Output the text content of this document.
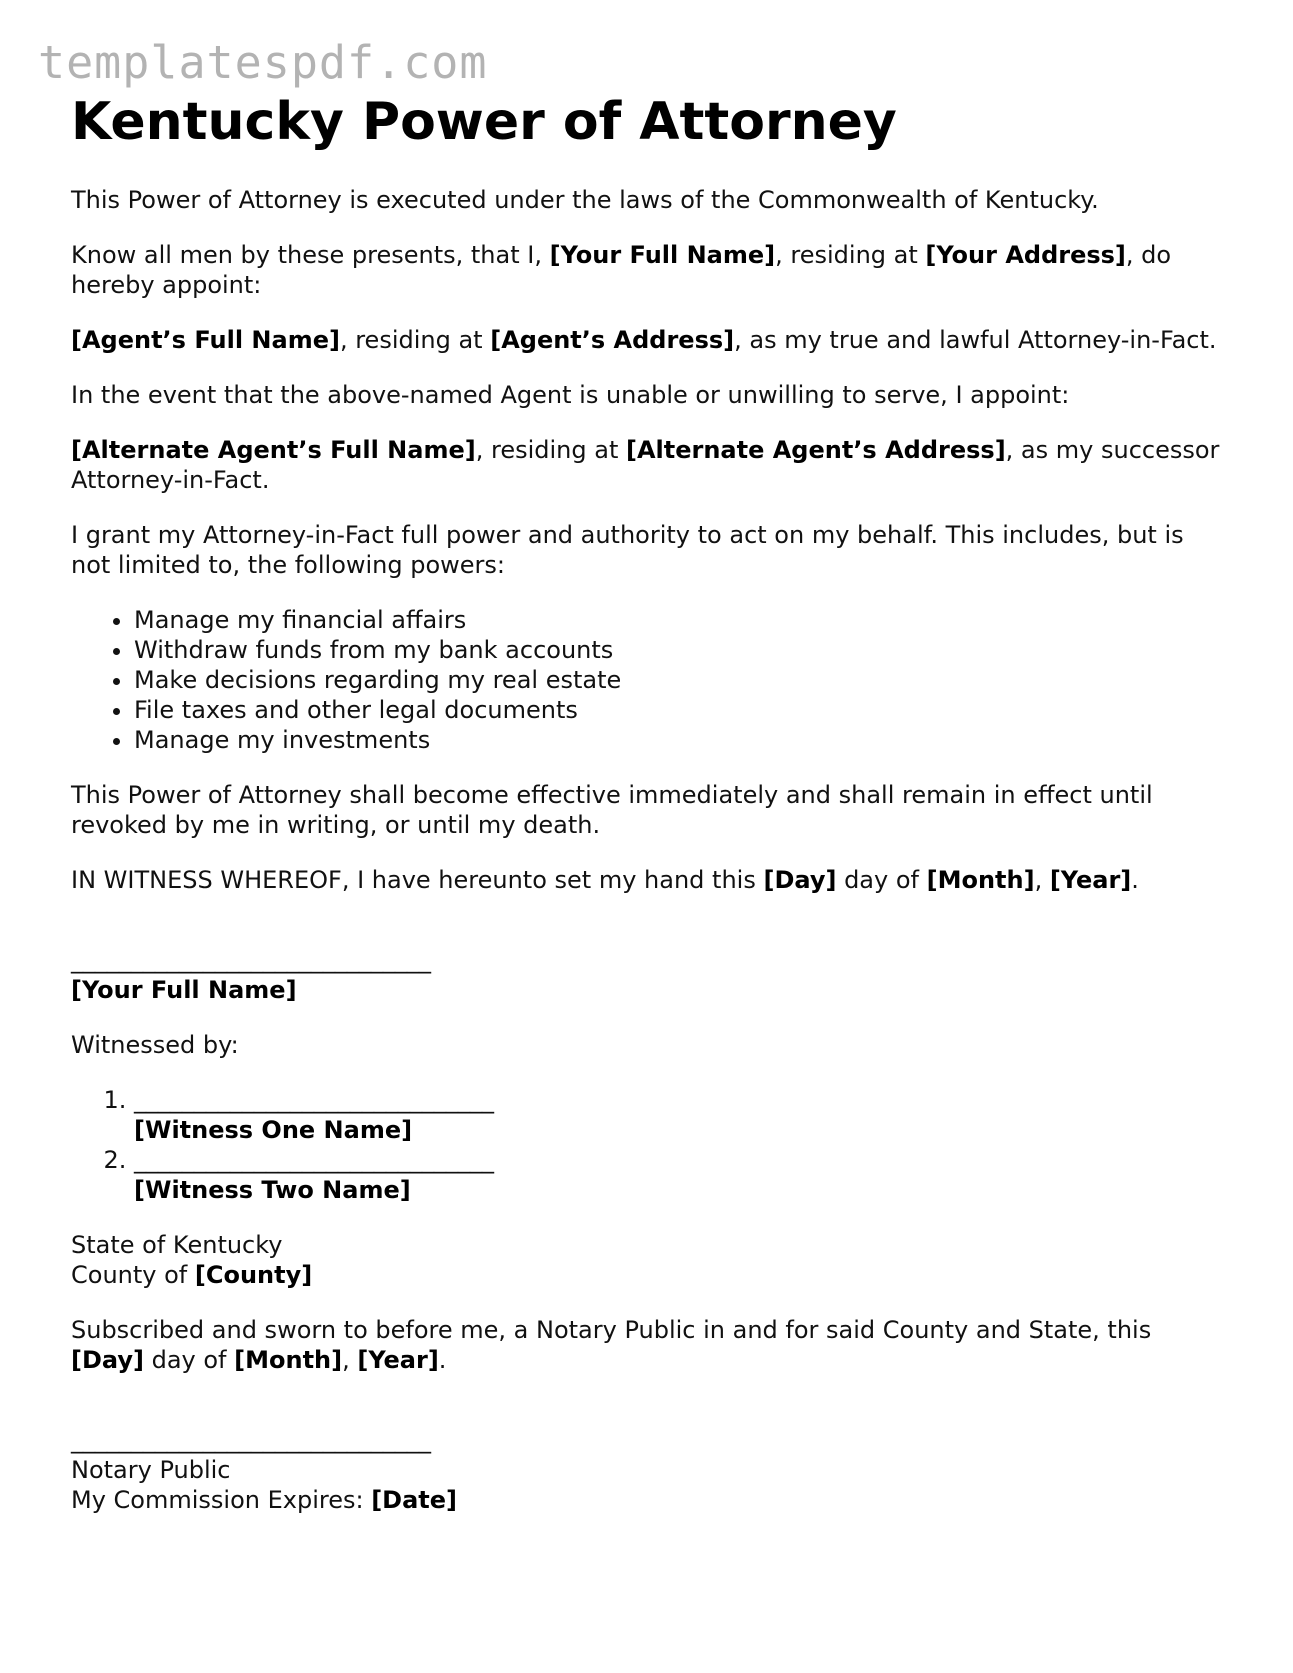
templatespdf.com
Kentucky Power of Attorney

This Power of Attorney is executed under the laws of the Commonwealth of Kentucky.

Know all men by these presents, that I, [Your Full Name], residing at [Your Address], do hereby appoint:

[Agent’s Full Name], residing at [Agent’s Address], as my true and lawful Attorney-in-Fact.

In the event that the above-named Agent is unable or unwilling to serve, I appoint:

[Alternate Agent’s Full Name], residing at [Alternate Agent’s Address], as my successor Attorney-in-Fact.

I grant my Attorney-in-Fact full power and authority to act on my behalf. This includes, but is not limited to, the following powers:

• Manage my financial affairs
• Withdraw funds from my bank accounts
• Make decisions regarding my real estate
• File taxes and other legal documents
• Manage my investments

This Power of Attorney shall become effective immediately and shall remain in effect until revoked by me in writing, or until my death.

IN WITNESS WHEREOF, I have hereunto set my hand this [Day] day of [Month], [Year].

______________________________
[Your Full Name]

Witnessed by:

1. ______________________________
[Witness One Name]
2. ______________________________
[Witness Two Name]

State of Kentucky
County of [County]

Subscribed and sworn to before me, a Notary Public in and for said County and State, this [Day] day of [Month], [Year].

______________________________
Notary Public
My Commission Expires: [Date]
